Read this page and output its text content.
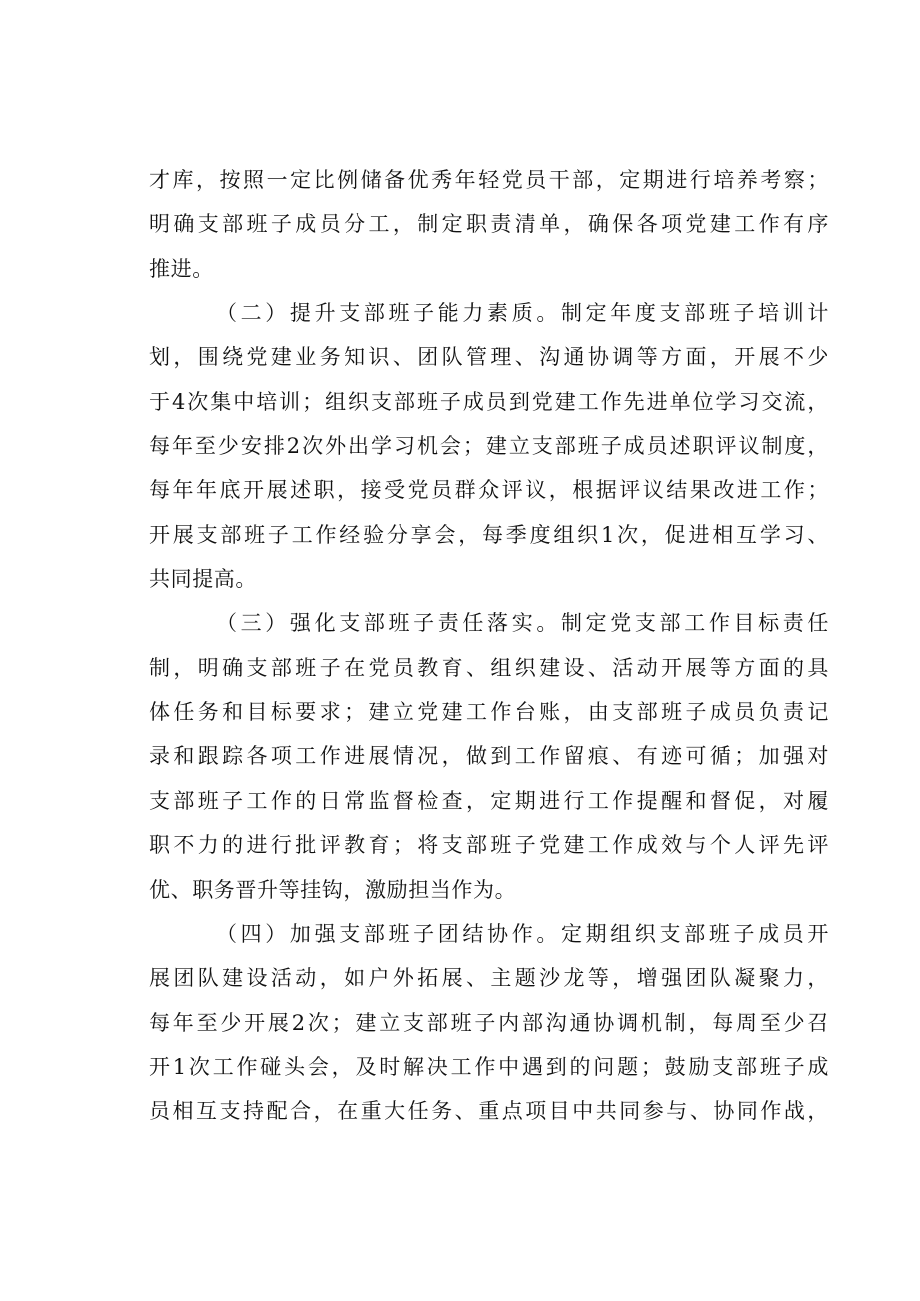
才库，按照一定比例储备优秀年轻党员干部，定期进行培养考察；
明确支部班子成员分工，制定职责清单，确保各项党建工作有序
推进。
（二）提升支部班子能力素质。制定年度支部班子培训计
划，围绕党建业务知识、团队管理、沟通协调等方面，开展不少
于4次集中培训；组织支部班子成员到党建工作先进单位学习交流，
每年至少安排2次外出学习机会；建立支部班子成员述职评议制度，
每年年底开展述职，接受党员群众评议，根据评议结果改进工作；
开展支部班子工作经验分享会，每季度组织1次，促进相互学习、
共同提高。
（三）强化支部班子责任落实。制定党支部工作目标责任
制，明确支部班子在党员教育、组织建设、活动开展等方面的具
体任务和目标要求；建立党建工作台账，由支部班子成员负责记
录和跟踪各项工作进展情况，做到工作留痕、有迹可循；加强对
支部班子工作的日常监督检查，定期进行工作提醒和督促，对履
职不力的进行批评教育；将支部班子党建工作成效与个人评先评
优、职务晋升等挂钩，激励担当作为。
（四）加强支部班子团结协作。定期组织支部班子成员开
展团队建设活动，如户外拓展、主题沙龙等，增强团队凝聚力，
每年至少开展2次；建立支部班子内部沟通协调机制，每周至少召
开1次工作碰头会，及时解决工作中遇到的问题；鼓励支部班子成
员相互支持配合，在重大任务、重点项目中共同参与、协同作战，
